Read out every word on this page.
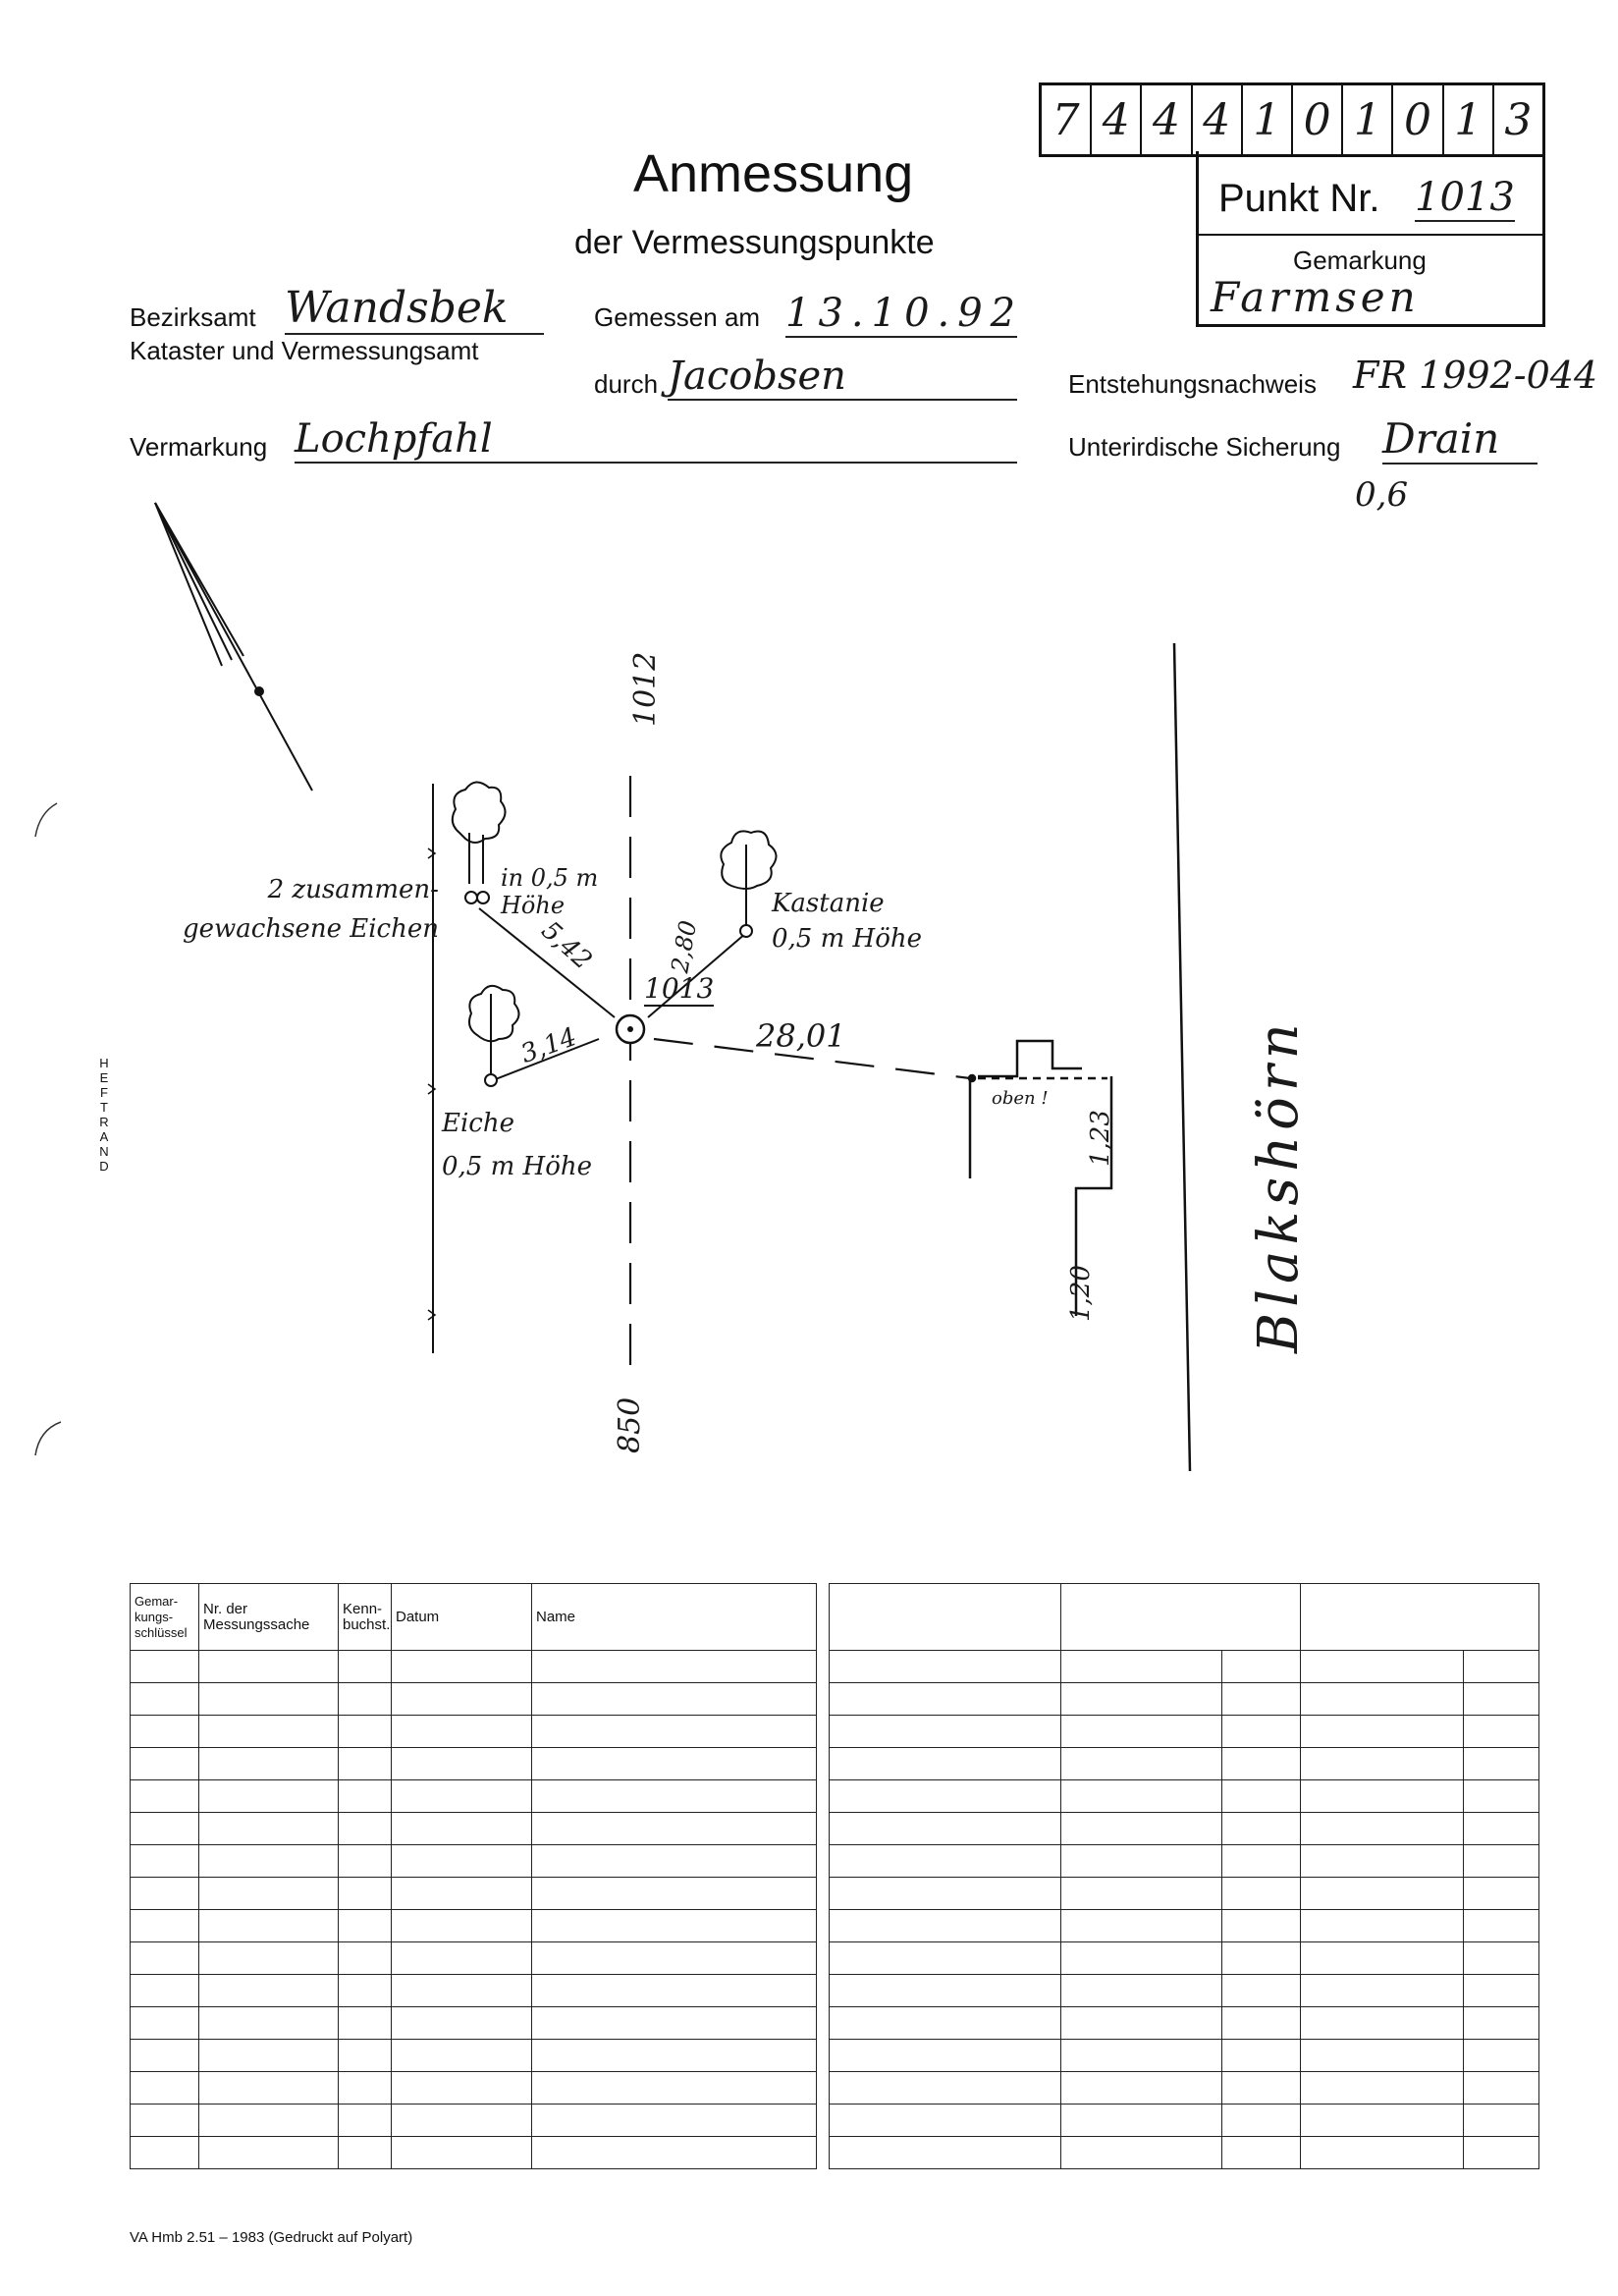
7 4 4 4 1 0 1 0 1 3
Punkt Nr. 1013
Gemarkung
Farmsen
Anmessung
der Vermessungspunkte
Bezirksamt Wandsbek
Kataster und Vermessungsamt
Gemessen am 13.10.92
durch Jacobsen	Entstehungsnachweis FR 1992-044
Vermarkung Lochpfahl	Unterirdische Sicherung Drain
0,6
H
E
F
T
R
A
N
D
1012
850
1013
2 zusammen-
gewachsene Eichen
in 0,5 m
Höhe
5,42
Kastanie
0,5 m Höhe
2,80
Eiche
0,5 m Höhe
3,14	28,01
oben !
1,23
1,20	Blakshörn
Gemar-
kungs-
schlüssel	Nr. der
Messungssache	Kenn-
buchst.	Datum	Name

VA Hmb 2.51 – 1983 (Gedruckt auf Polyart)
